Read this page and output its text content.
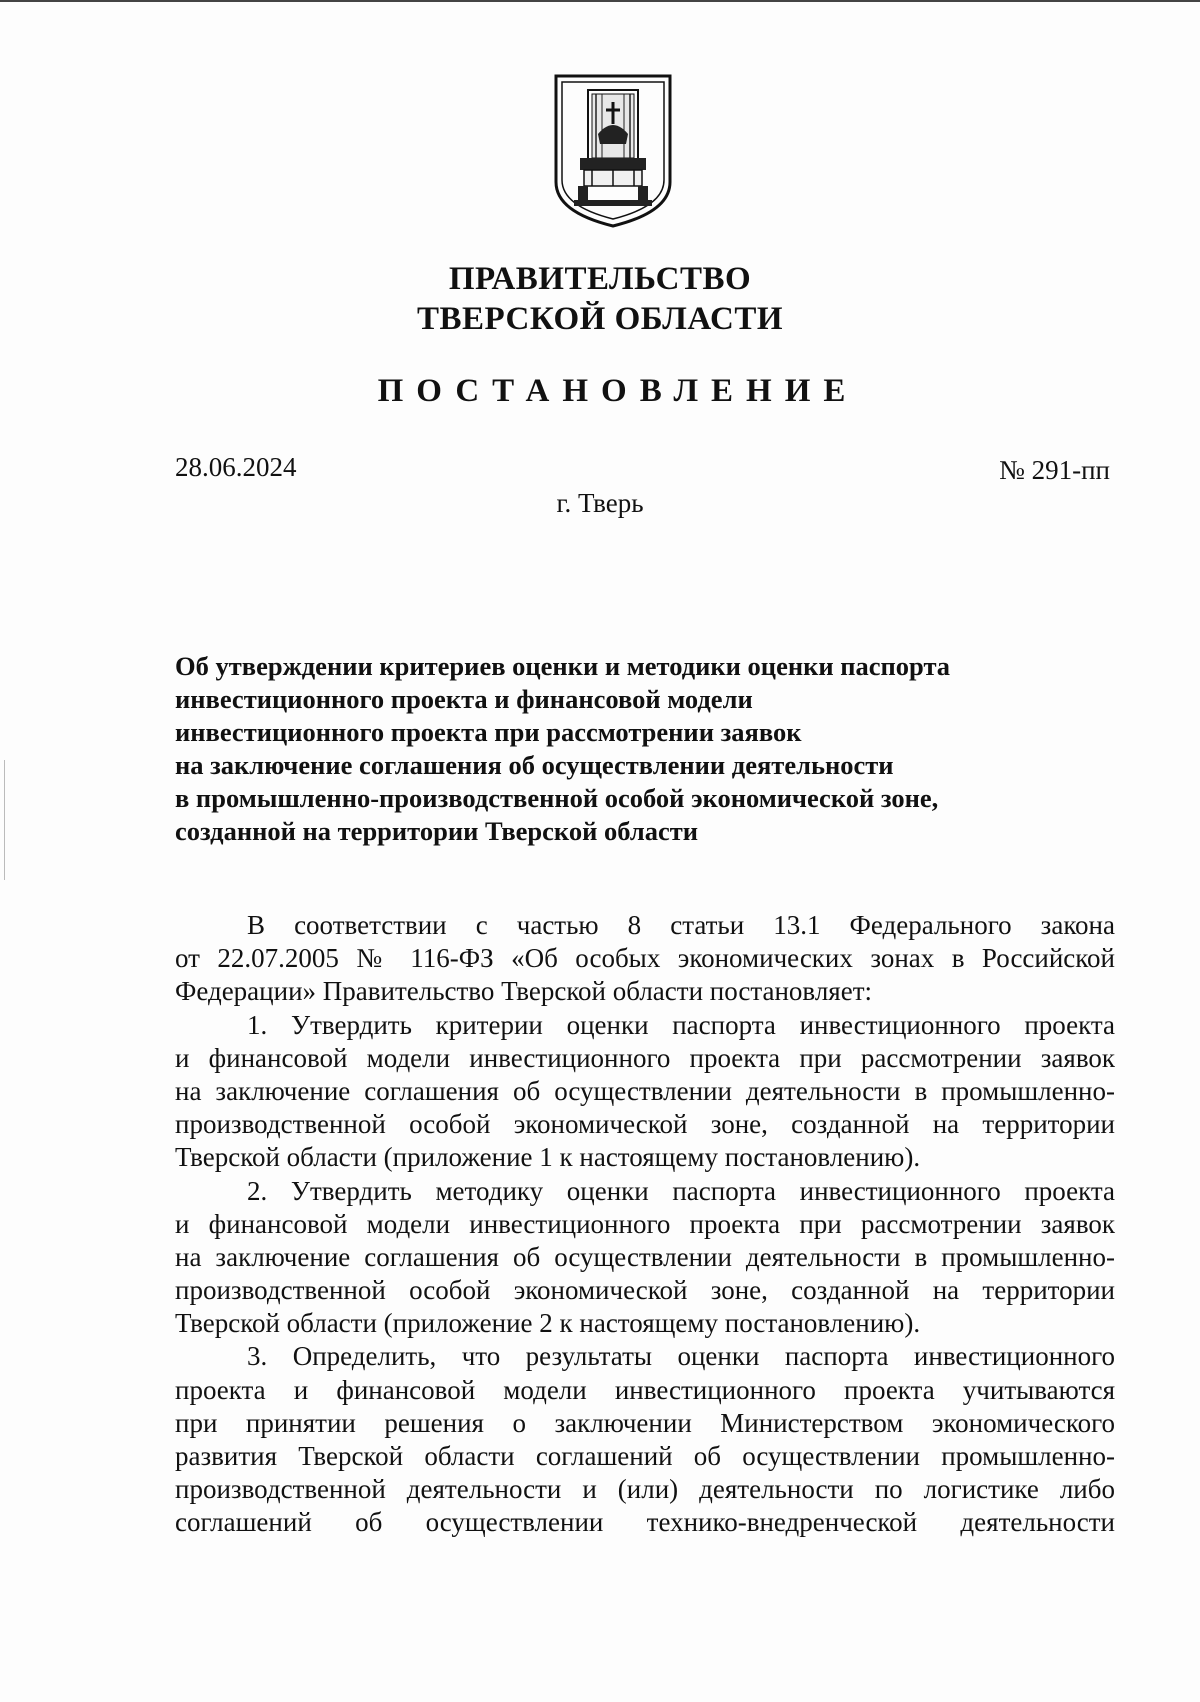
ПРАВИТЕЛЬСТВО
ТВЕРСКОЙ ОБЛАСТИ
ПОСТАНОВЛЕНИЕ
28.06.2024	№ 291-пп
г. Тверь
Об утверждении критериев оценки и методики оценки паспорта
инвестиционного проекта и финансовой модели
инвестиционного проекта при рассмотрении заявок
на заключение соглашения об осуществлении деятельности
в промышленно-производственной особой экономической зоне,
созданной на территории Тверской области
В соответствии с частью 8 статьи 13.1 Федерального закона
от 22.07.2005 № 116-ФЗ «Об особых экономических зонах в Российской
Федерации» Правительство Тверской области постановляет:
1. Утвердить критерии оценки паспорта инвестиционного проекта
и финансовой модели инвестиционного проекта при рассмотрении заявок
на заключение соглашения об осуществлении деятельности в промышленно-
производственной особой экономической зоне, созданной на территории
Тверской области (приложение 1 к настоящему постановлению).
2. Утвердить методику оценки паспорта инвестиционного проекта
и финансовой модели инвестиционного проекта при рассмотрении заявок
на заключение соглашения об осуществлении деятельности в промышленно-
производственной особой экономической зоне, созданной на территории
Тверской области (приложение 2 к настоящему постановлению).
3. Определить, что результаты оценки паспорта инвестиционного
проекта и финансовой модели инвестиционного проекта учитываются
при принятии решения о заключении Министерством экономического
развития Тверской области соглашений об осуществлении промышленно-
производственной деятельности и (или) деятельности по логистике либо
соглашений об осуществлении технико-внедренческой деятельности
